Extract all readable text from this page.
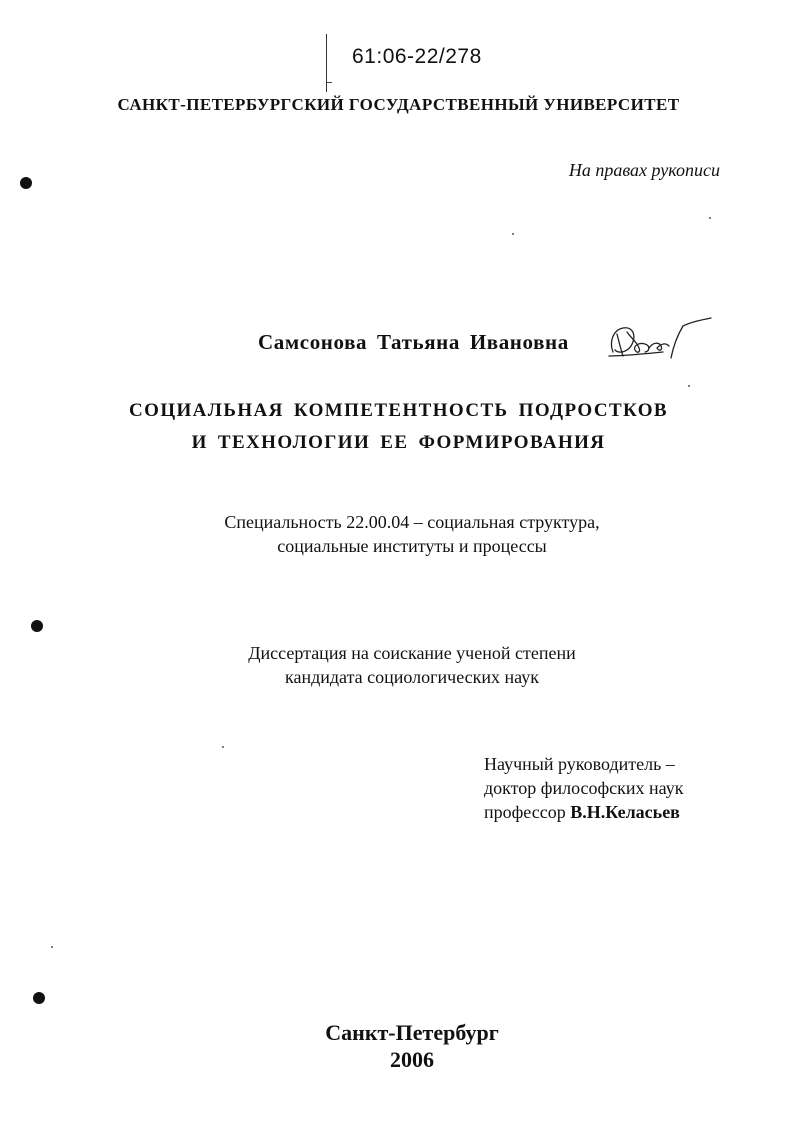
61:06-22/278
САНКТ-ПЕТЕРБУРГСКИЙ ГОСУДАРСТВЕННЫЙ УНИВЕРСИТЕТ
На правах рукописи
Самсонова Татьяна Ивановна
СОЦИАЛЬНАЯ КОМПЕТЕНТНОСТЬ ПОДРОСТКОВ
И ТЕХНОЛОГИИ ЕЕ ФОРМИРОВАНИЯ
Специальность 22.00.04 – социальная структура,
социальные институты и процессы
Диссертация на соискание ученой степени
кандидата социологических наук
Научный руководитель –
доктор философских наук
профессор В.Н.Келасьев
Санкт-Петербург
2006
